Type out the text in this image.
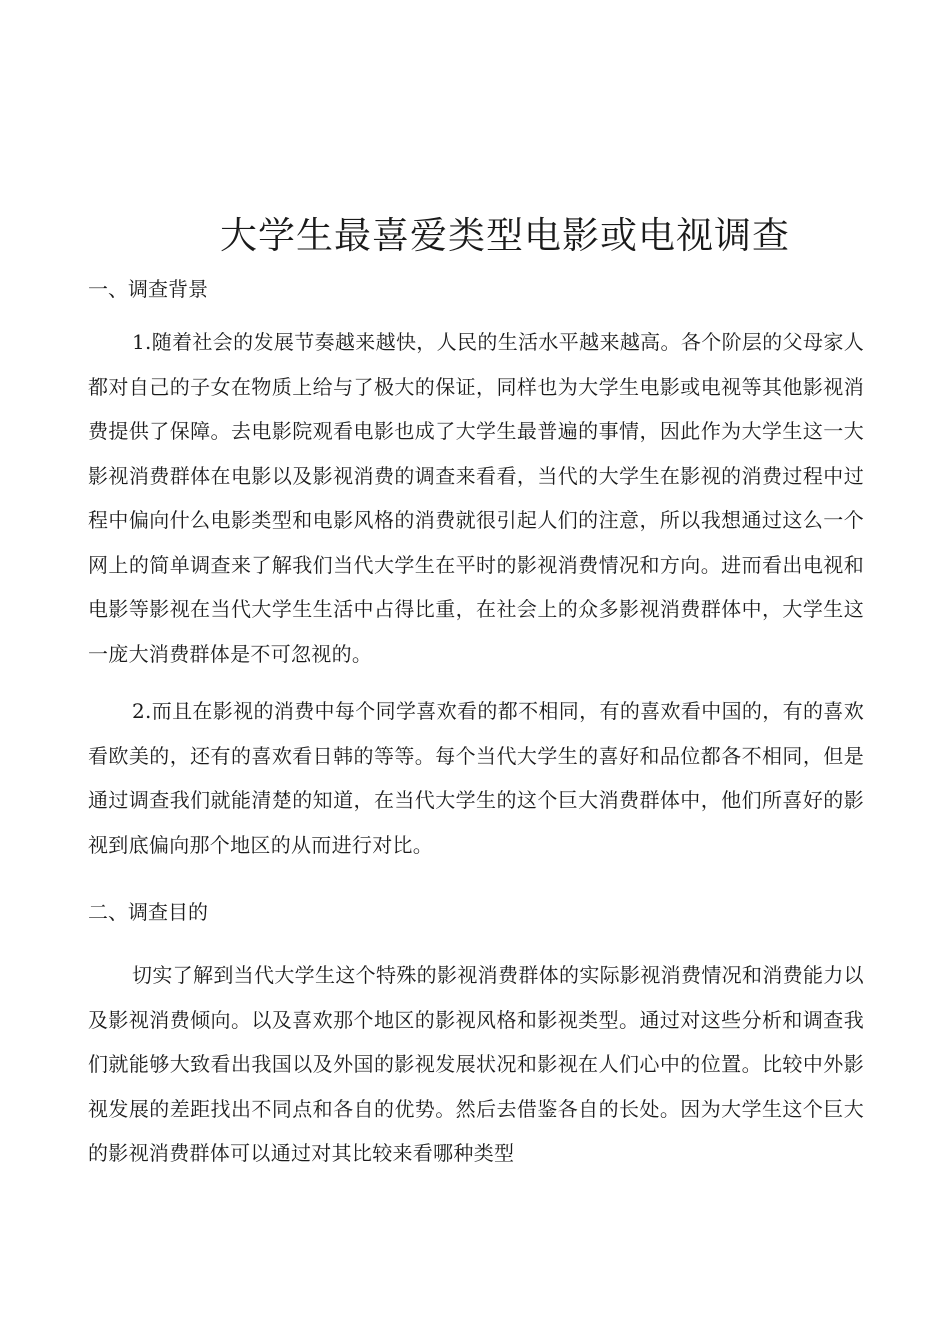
大学生最喜爱类型电影或电视调查
一、调查背景

1.随着社会的发展节奏越来越快，人民的生活水平越来越高。各个阶层的父母家人都对自己的子女在物质上给与了极大的保证，同样也为大学生电影或电视等其他影视消费提供了保障。去电影院观看电影也成了大学生最普遍的事情，因此作为大学生这一大影视消费群体在电影以及影视消费的调查来看看，当代的大学生在影视的消费过程中过程中偏向什么电影类型和电影风格的消费就很引起人们的注意，所以我想通过这么一个网上的简单调查来了解我们当代大学生在平时的影视消费情况和方向。进而看出电视和电影等影视在当代大学生生活中占得比重，在社会上的众多影视消费群体中，大学生这一庞大消费群体是不可忽视的。

2.而且在影视的消费中每个同学喜欢看的都不相同，有的喜欢看中国的，有的喜欢看欧美的，还有的喜欢看日韩的等等。每个当代大学生的喜好和品位都各不相同，但是通过调查我们就能清楚的知道，在当代大学生的这个巨大消费群体中，他们所喜好的影视到底偏向那个地区的从而进行对比。

二、调查目的

切实了解到当代大学生这个特殊的影视消费群体的实际影视消费情况和消费能力以及影视消费倾向。以及喜欢那个地区的影视风格和影视类型。通过对这些分析和调查我们就能够大致看出我国以及外国的影视发展状况和影视在人们心中的位置。比较中外影视发展的差距找出不同点和各自的优势。然后去借鉴各自的长处。因为大学生这个巨大的影视消费群体可以通过对其比较来看哪种类型
